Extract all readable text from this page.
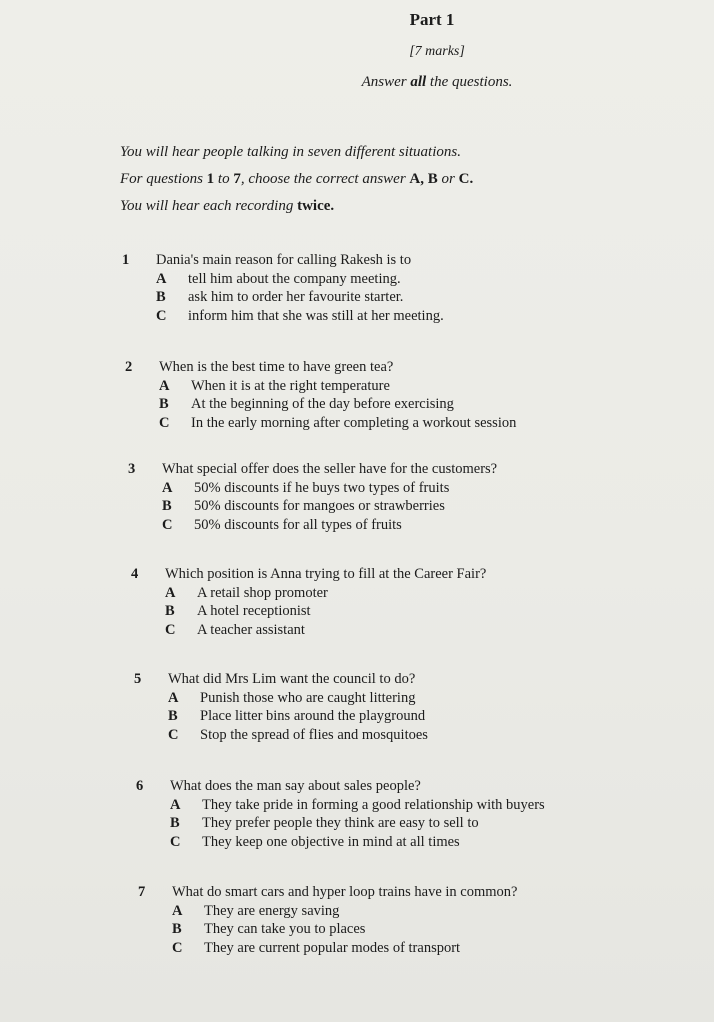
Part 1
[7 marks]
Answer all the questions.
You will hear people talking in seven different situations.
For questions 1 to 7, choose the correct answer A, B or C.
You will hear each recording twice.
1	Dania's main reason for calling Rakesh is to
A	tell him about the company meeting.
B	ask him to order her favourite starter.
C	inform him that she was still at her meeting.
2	When is the best time to have green tea?
A	When it is at the right temperature
B	At the beginning of the day before exercising
C	In the early morning after completing a workout session
3	What special offer does the seller have for the customers?
A	50% discounts if he buys two types of fruits
B	50% discounts for mangoes or strawberries
C	50% discounts for all types of fruits
4	Which position is Anna trying to fill at the Career Fair?
A	A retail shop promoter
B	A hotel receptionist
C	A teacher assistant
5	What did Mrs Lim want the council to do?
A	Punish those who are caught littering
B	Place litter bins around the playground
C	Stop the spread of flies and mosquitoes
6	What does the man say about sales people?
A	They take pride in forming a good relationship with buyers
B	They prefer people they think are easy to sell to
C	They keep one objective in mind at all times
7	What do smart cars and hyper loop trains have in common?
A	They are energy saving
B	They can take you to places
C	They are current popular modes of transport
